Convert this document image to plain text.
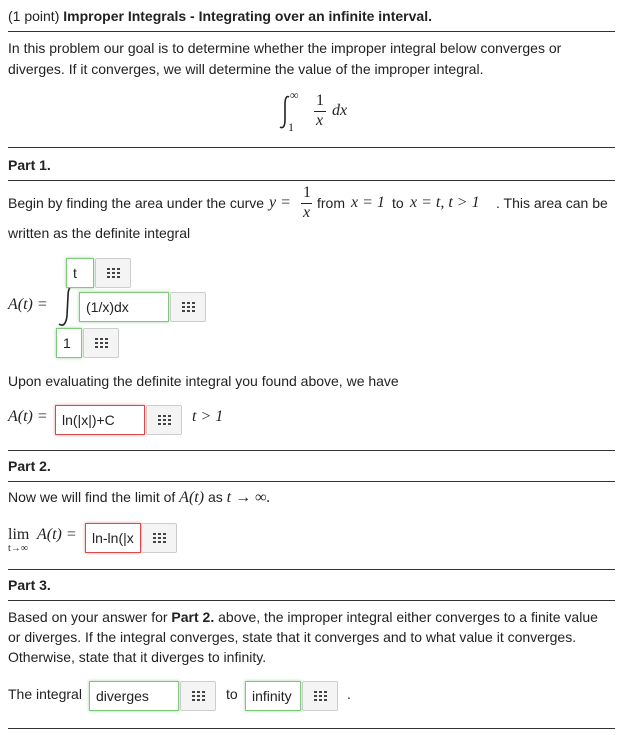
(1 point) Improper Integrals - Integrating over an infinite interval.
In this problem our goal is to determine whether the improper integral below converges or
diverges. If it converges, we will determine the value of the improper integral.
∞
1
1
x
dx
Part 1.
Begin by finding the area under the curve y =
1
x
from x = 1 to x = t, t > 1 . This area can be
written as the definite integral
A(t) =
t
(1/x)dx
1
Upon evaluating the definite integral you found above, we have
A(t) =	ln(|x|)+C	t > 1
Part 2.
Now we will find the limit of A(t) as t → ∞.
lim
t→∞
A(t) =	ln-ln(|x
Part 3.
Based on your answer for Part 2. above, the improper integral either converges to a finite value
or diverges. If the integral converges, state that it converges and to what value it converges.
Otherwise, state that it diverges to infinity.
The integral	diverges	to	infinity	.
